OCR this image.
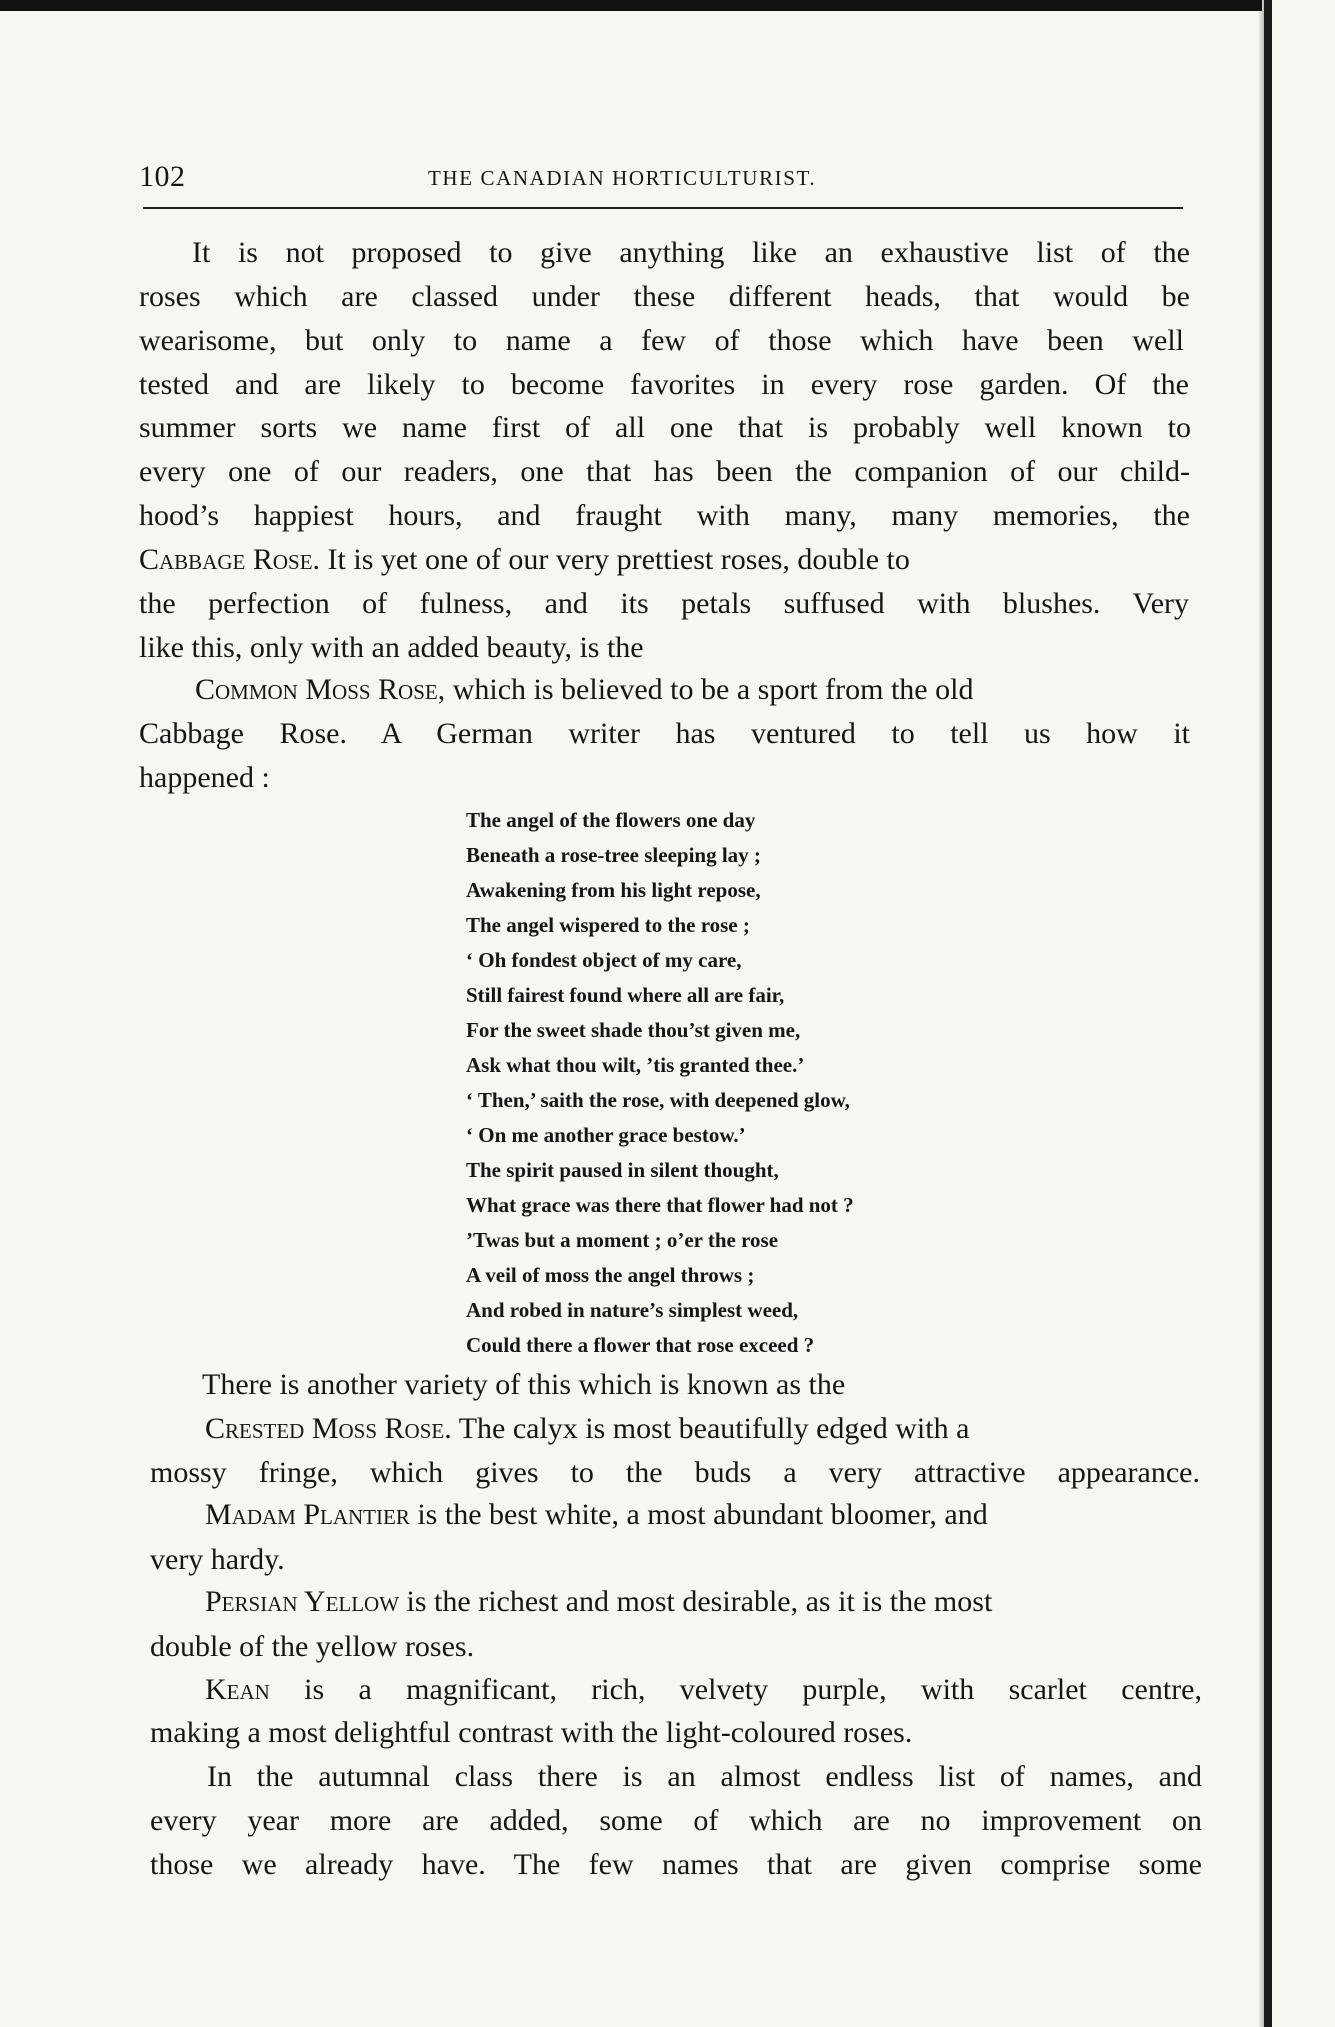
102	THE CANADIAN HORTICULTURIST.
It is not proposed to give anything like an exhaustive list of the
roses which are classed under these different heads, that would be
wearisome, but only to name a few of those which have been well
tested and are likely to become favorites in every rose garden. Of the
summer sorts we name first of all one that is probably well known to
every one of our readers, one that has been the companion of our child-
hood’s happiest hours, and fraught with many, many memories, the
Cabbage Rose. It is yet one of our very prettiest roses, double to
the perfection of fulness, and its petals suffused with blushes. Very
like this, only with an added beauty, is the
Common Moss Rose, which is believed to be a sport from the old
Cabbage Rose. A German writer has ventured to tell us how it
happened :
The angel of the flowers one day
Beneath a rose-tree sleeping lay ;
Awakening from his light repose,
The angel wispered to the rose ;
‘ Oh fondest object of my care,
Still fairest found where all are fair,
For the sweet shade thou’st given me,
Ask what thou wilt, ’tis granted thee.’
‘ Then,’ saith the rose, with deepened glow,
‘ On me another grace bestow.’
The spirit paused in silent thought,
What grace was there that flower had not ?
’Twas but a moment ; o’er the rose
A veil of moss the angel throws ;
And robed in nature’s simplest weed,
Could there a flower that rose exceed ?
There is another variety of this which is known as the
Crested Moss Rose. The calyx is most beautifully edged with a
mossy fringe, which gives to the buds a very attractive appearance.
Madam Plantier is the best white, a most abundant bloomer, and
very hardy.
Persian Yellow is the richest and most desirable, as it is the most
double of the yellow roses.
Kean is a magnificant, rich, velvety purple, with scarlet centre,
making a most delightful contrast with the light-coloured roses.
In the autumnal class there is an almost endless list of names, and
every year more are added, some of which are no improvement on
those we already have. The few names that are given comprise some
